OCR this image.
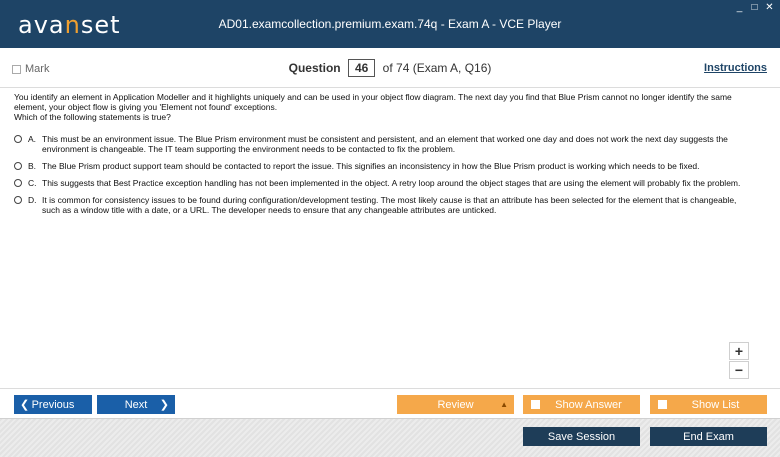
avanset	AD01.examcollection.premium.exam.74q - Exam A - VCE Player
_ □ ✕
Mark	Question 46 of 74 (Exam A, Q16)	Instructions
You identify an element in Application Modeller and it highlights uniquely and can be used in your object flow diagram. The next day you find that Blue Prism cannot no longer identify the same element, your object flow is giving you 'Element not found' exceptions.
Which of the following statements is true?
A. This must be an environment issue. The Blue Prism environment must be consistent and persistent, and an element that worked one day and does not work the next day suggests the environment is changeable. The IT team supporting the environment needs to be contacted to fix the problem.
B. The Blue Prism product support team should be contacted to report the issue. This signifies an inconsistency in how the Blue Prism product is working which needs to be fixed.
C. This suggests that Best Practice exception handling has not been implemented in the object. A retry loop around the object stages that are using the element will probably fix the problem.
D. It is common for consistency issues to be found during configuration/development testing. The most likely cause is that an attribute has been selected for the element that is changeable, such as a window title with a date, or a URL. The developer needs to ensure that any changeable attributes are unticked.
+
−
❮ Previous	Next ❯	Review	▲	Show Answer	Show List
Save Session	End Exam
